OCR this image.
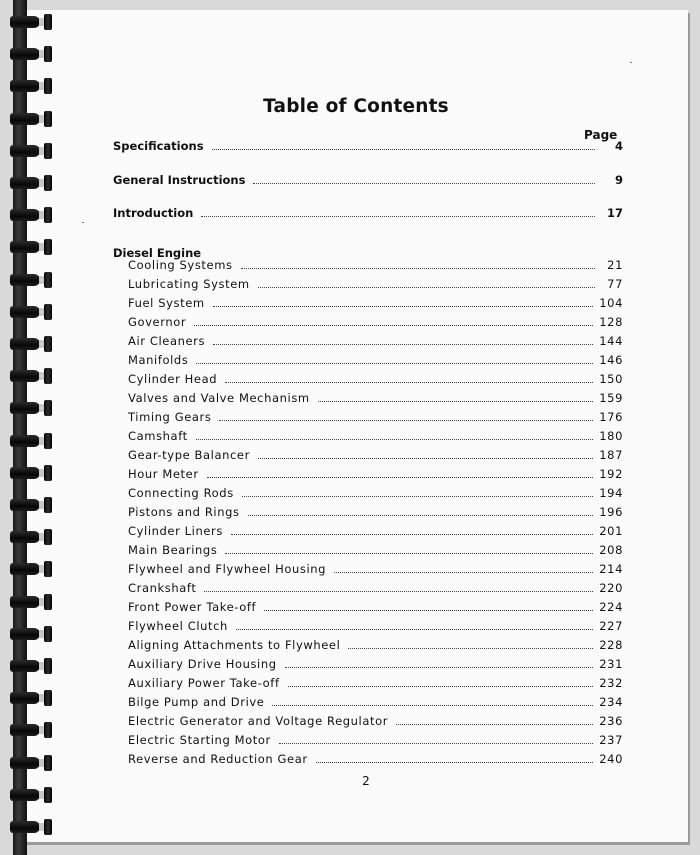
Table of Contents
Page
Diesel Engine
Specifications	4
General Instructions	9
Introduction	17
Cooling Systems	21
Lubricating System	77
Fuel System	104
Governor	128
Air Cleaners	144
Manifolds	146
Cylinder Head	150
Valves and Valve Mechanism	159
Timing Gears	176
Camshaft	180
Gear-type Balancer	187
Hour Meter	192
Connecting Rods	194
Pistons and Rings	196
Cylinder Liners	201
Main Bearings	208
Flywheel and Flywheel Housing	214
Crankshaft	220
Front Power Take-off	224
Flywheel Clutch	227
Aligning Attachments to Flywheel	228
Auxiliary Drive Housing	231
Auxiliary Power Take-off	232
Bilge Pump and Drive	234
Electric Generator and Voltage Regulator	236
Electric Starting Motor	237
Reverse and Reduction Gear	240
2
